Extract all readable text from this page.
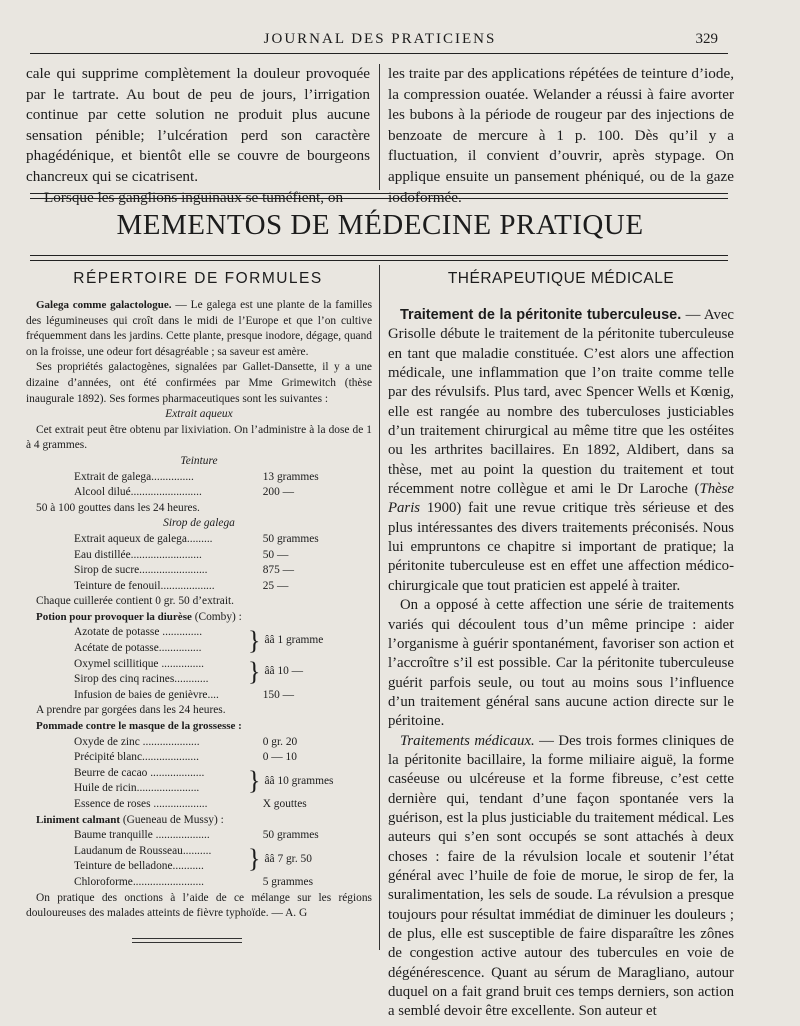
JOURNAL DES PRATICIENS	329

cale qui supprime complètement la douleur provoquée par le tartrate. Au bout de peu de jours, l’irrigation continue par cette solution ne produit plus aucune sensation pénible; l’ulcération perd son caractère phagédénique, et bientôt elle se couvre de bourgeons chancreux qui se cicatrisent.

Lorsque les ganglions inguinaux se tuméfient, on

les traite par des applications répétées de teinture d’iode, la compression ouatée. Welander a réussi à faire avorter les bubons à la période de rougeur par des injections de benzoate de mercure à 1 p. 100. Dès qu’il y a fluctuation, il convient d’ouvrir, après stypage. On applique ensuite un pansement phéniqué, ou de la gaze iodoformée.

MEMENTOS DE MÉDECINE PRATIQUE
RÉPERTOIRE DE FORMULES	THÉRAPEUTIQUE MÉDICALE

Galega comme galactologue. — Le galega est une plante de la familles des légumineuses qui croît dans le midi de l’Europe et que l’on cultive fréquemment dans les jardins. Cette plante, presque inodore, dégage, quand on la froisse, une odeur fort désagréable ; sa saveur est amère.

Ses propriétés galactogènes, signalées par Gallet-Dansette, il y a une dizaine d’années, ont été confirmées par Mme Grimewitch (thèse inaugurale 1892). Ses formes pharmaceutiques sont les suivantes :

Extrait aqueux

Cet extrait peut être obtenu par lixiviation. On l’administre à la dose de 1 à 4 grammes.

Teinture

Extrait de galega...............	13 grammes
Alcool dilué.........................	200 —

50 à 100 gouttes dans les 24 heures.

Sirop de galega

Extrait aqueux de galega.........	50 grammes
Eau distillée.........................	50 —
Sirop de sucre........................	875 —
Teinture de fenouil...................	25 —

Chaque cuillerée contient 0 gr. 50 d’extrait.

Potion pour provoquer la diurèse (Comby) :

Azotate de potasse ..............
Acétate de potasse...............	} ââ 1 gramme
Oxymel scillitique ...............
Sirop des cinq racines............	} ââ 10 —
Infusion de baies de genièvre....	150 —

A prendre par gorgées dans les 24 heures.

Pommade contre le masque de la grossesse :

Oxyde de zinc ....................	0 gr. 20
Précipité blanc....................	0 — 10
Beurre de cacao ...................
Huile de ricin......................	} ââ 10 grammes
Essence de roses ...................	X gouttes

Liniment calmant (Gueneau de Mussy) :

Baume tranquille ...................	50 grammes
Laudanum de Rousseau..........
Teinture de belladone...........	} ââ 7 gr. 50
Chloroforme.........................	5 grammes

On pratique des onctions à l’aide de ce mélange sur les régions douloureuses des malades atteints de fièvre typhoïde. — A. G

Traitement de la péritonite tuberculeuse. — Avec Grisolle débute le traitement de la péritonite tuberculeuse en tant que maladie constituée. C’est alors une affection médicale, une inflammation que l’on traite comme telle par des révulsifs. Plus tard, avec Spencer Wells et Kœnig, elle est rangée au nombre des tuberculoses justiciables d’un traitement chirurgical au même titre que les ostéites ou les arthrites bacillaires. En 1892, Aldibert, dans sa thèse, met au point la question du traitement et tout récemment notre collègue et ami le Dr Laroche (Thèse Paris 1900) fait une revue critique très sérieuse et des plus intéressantes des divers traitements préconisés. Nous lui empruntons ce chapitre si important de pratique; la péritonite tuberculeuse est en effet une affection médico-chirurgicale que tout praticien est appelé à traiter.

On a opposé à cette affection une série de traitements variés qui découlent tous d’un même principe : aider l’organisme à guérir spontanément, favoriser son action et l’accroître s’il est possible. Car la péritonite tuberculeuse guérit parfois seule, ou tout au moins sous l’influence d’un traitement général sans aucune action directe sur le péritoine.

Traitements médicaux. — Des trois formes cliniques de la péritonite bacillaire, la forme miliaire aiguë, la forme caséeuse ou ulcéreuse et la forme fibreuse, c’est cette dernière qui, tendant d’une façon spontanée vers la guérison, est la plus justiciable du traitement médical. Les auteurs qui s’en sont occupés se sont attachés à deux choses : faire de la révulsion locale et soutenir l’état général avec l’huile de foie de morue, le sirop de fer, la suralimentation, les sels de soude. La révulsion a presque toujours pour résultat immédiat de diminuer les douleurs ; de plus, elle est susceptible de faire disparaître les zônes de congestion active autour des tubercules en voie de dégénérescence. Quant au sérum de Maragliano, autour duquel on a fait grand bruit ces temps derniers, son action a semblé devoir être excellente. Son auteur et
